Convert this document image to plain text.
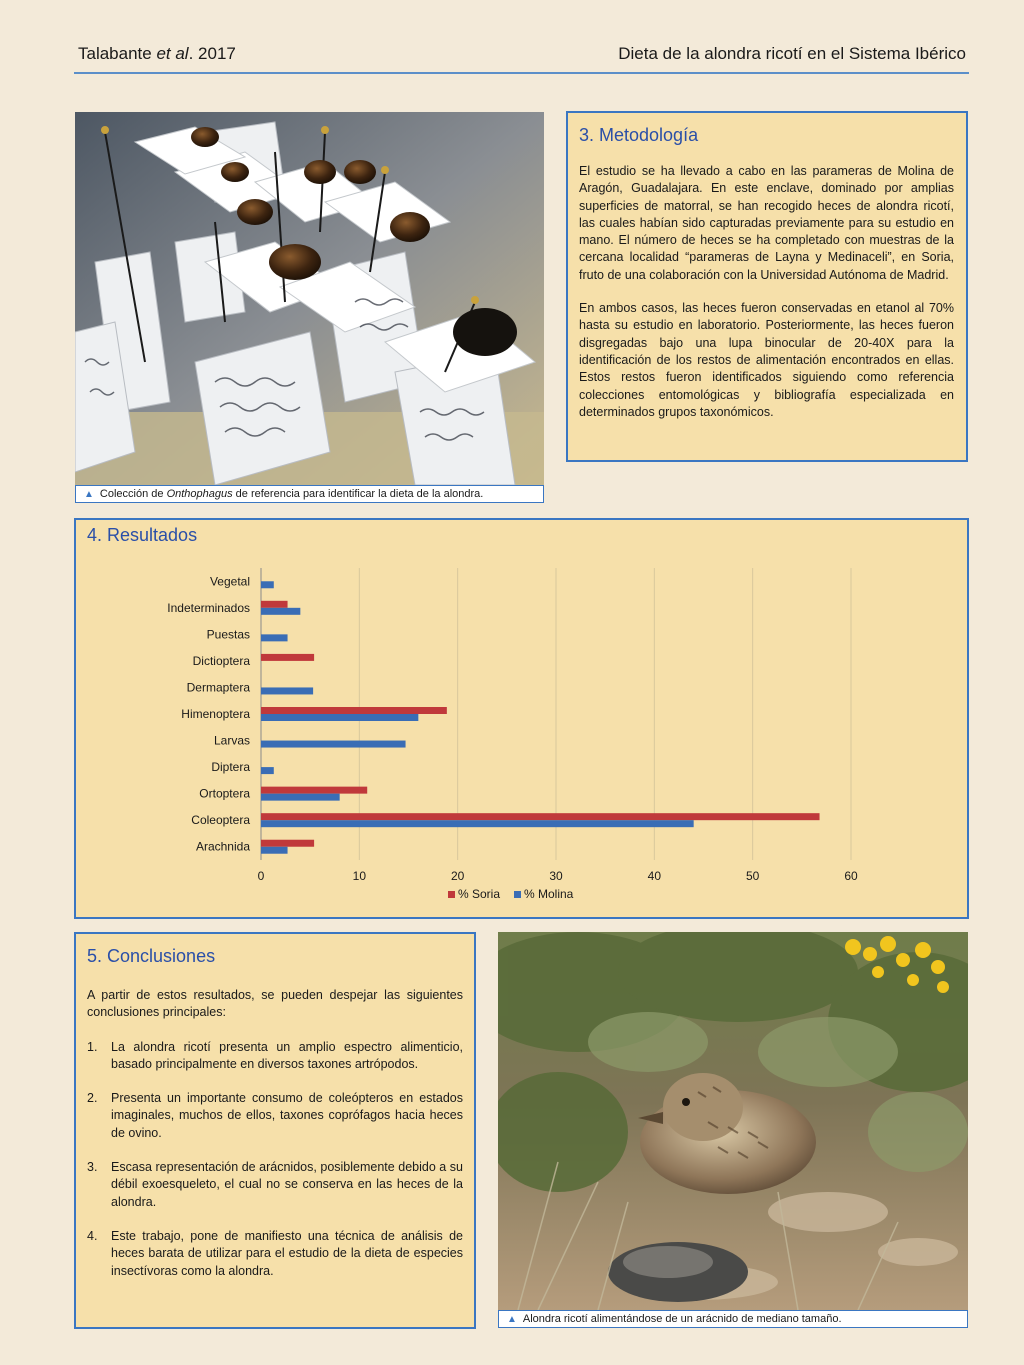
Talabante et al. 2017	Dieta de la alondra ricotí en el Sistema Ibérico
▲ Colección de Onthophagus de referencia para identificar la dieta de la alondra.
3. Metodología

El estudio se ha llevado a cabo en las parameras de Molina de Aragón, Guadalajara. En este enclave, dominado por amplias superficies de matorral, se han recogido heces de alondra ricotí, las cuales habían sido capturadas previamente para su estudio en mano. El número de heces se ha completado con muestras de la cercana localidad “parameras de Layna y Medinaceli”, en Soria, fruto de una colaboración con la Universidad Autónoma de Madrid.

En ambos casos, las heces fueron conservadas en etanol al 70% hasta su estudio en laboratorio. Posteriormente, las heces fueron disgregadas bajo una lupa binocular de 20-40X para la identificación de los restos de alimentación encontrados en ellas. Estos restos fueron identificados siguiendo como referencia colecciones entomológicas y bibliografía especializada en determinados grupos taxonómicos.

4. Resultados
0	10	20	30	40	50	60
Vegetal
Indeterminados
Puestas
Dictioptera
Dermaptera
Himenoptera
Larvas
Diptera
Ortoptera
Coleoptera
Arachnida
% Soria % Molina
5. Conclusiones

A partir de estos resultados, se pueden despejar las siguientes conclusiones principales:

1.	La alondra ricotí presenta un amplio espectro alimenticio, basado principalmente en diversos taxones artrópodos.
2.	Presenta un importante consumo de coleópteros en estados imaginales, muchos de ellos, taxones coprófagos hacia heces de ovino.
3.	Escasa representación de arácnidos, posiblemente debido a su débil exoesqueleto, el cual no se conserva en las heces de la alondra.
4.	Este trabajo, pone de manifiesto una técnica de análisis de heces barata de utilizar para el estudio de la dieta de especies insectívoras como la alondra.
▲ Alondra ricotí alimentándose de un arácnido de mediano tamaño.
